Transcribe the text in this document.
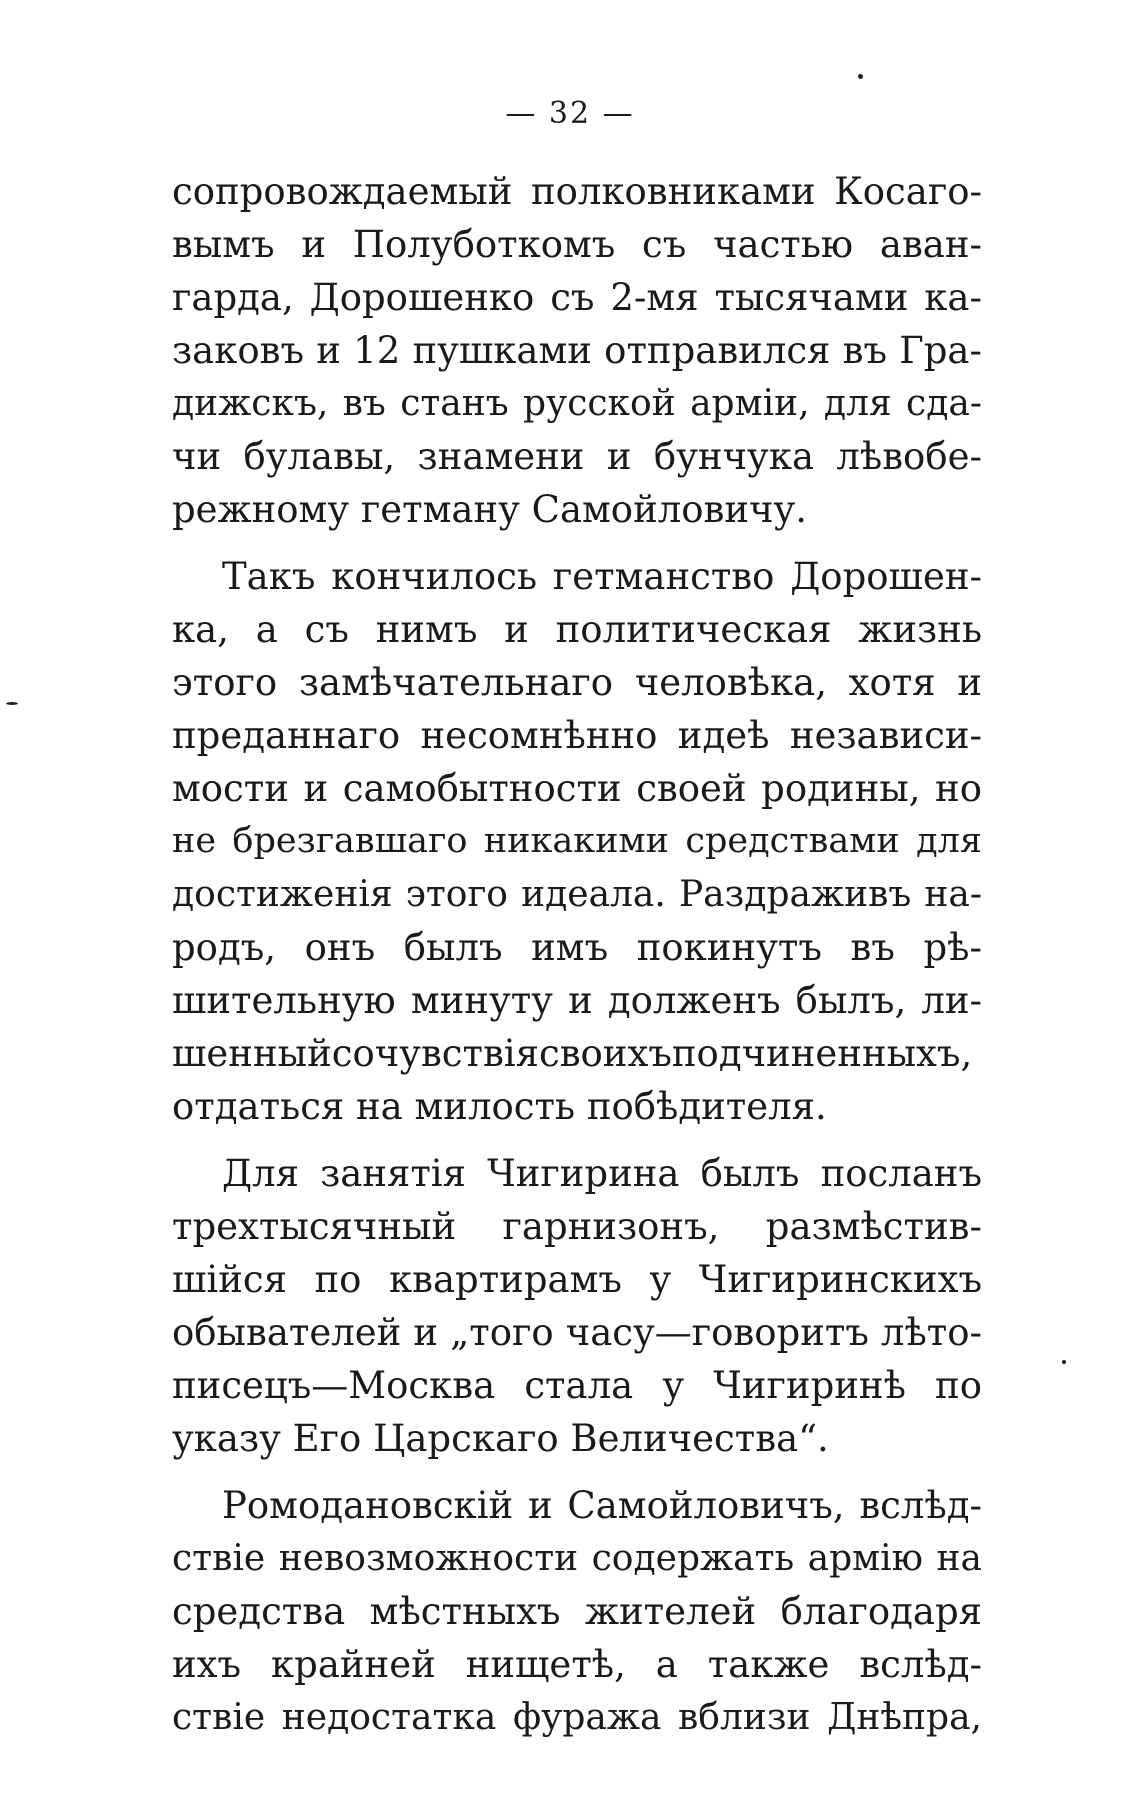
— 32 —
сопровождаемый полковниками Косаго-
вымъ и Полуботкомъ съ частью аван-
гарда, Дорошенко съ 2-мя тысячами ка-
заковъ и 12 пушками отправился въ Гра-
дижскъ, въ станъ русской арміи, для сда-
чи булавы, знамени и бунчука лѣвобе-
режному гетману Самойловичу.
Такъ кончилось гетманство Дорошен-
ка, а съ нимъ и политическая жизнь
этого замѣчательнаго человѣка, хотя и
преданнаго несомнѣнно идеѣ независи-
мости и самобытности своей родины, но
не брезгавшаго никакими средствами для
достиженія этого идеала. Раздраживъ на-
родъ, онъ былъ имъ покинутъ въ рѣ-
шительную минуту и долженъ былъ, ли-
шенныйсочувствіясвоихъподчиненныхъ,
отдаться на милость побѣдителя.
Для занятія Чигирина былъ посланъ
трехтысячный гарнизонъ, размѣстив-
шійся по квартирамъ у Чигиринскихъ
обывателей и „того часу—говоритъ лѣто-
писецъ—Москва стала у Чигиринѣ по
указу Его Царскаго Величества“.
Ромодановскій и Самойловичъ, вслѣд-
ствіе невозможности содержать армію на
средства мѣстныхъ жителей благодаря
ихъ крайней нищетѣ, а также вслѣд-
ствіе недостатка фуража вблизи Днѣпра,
